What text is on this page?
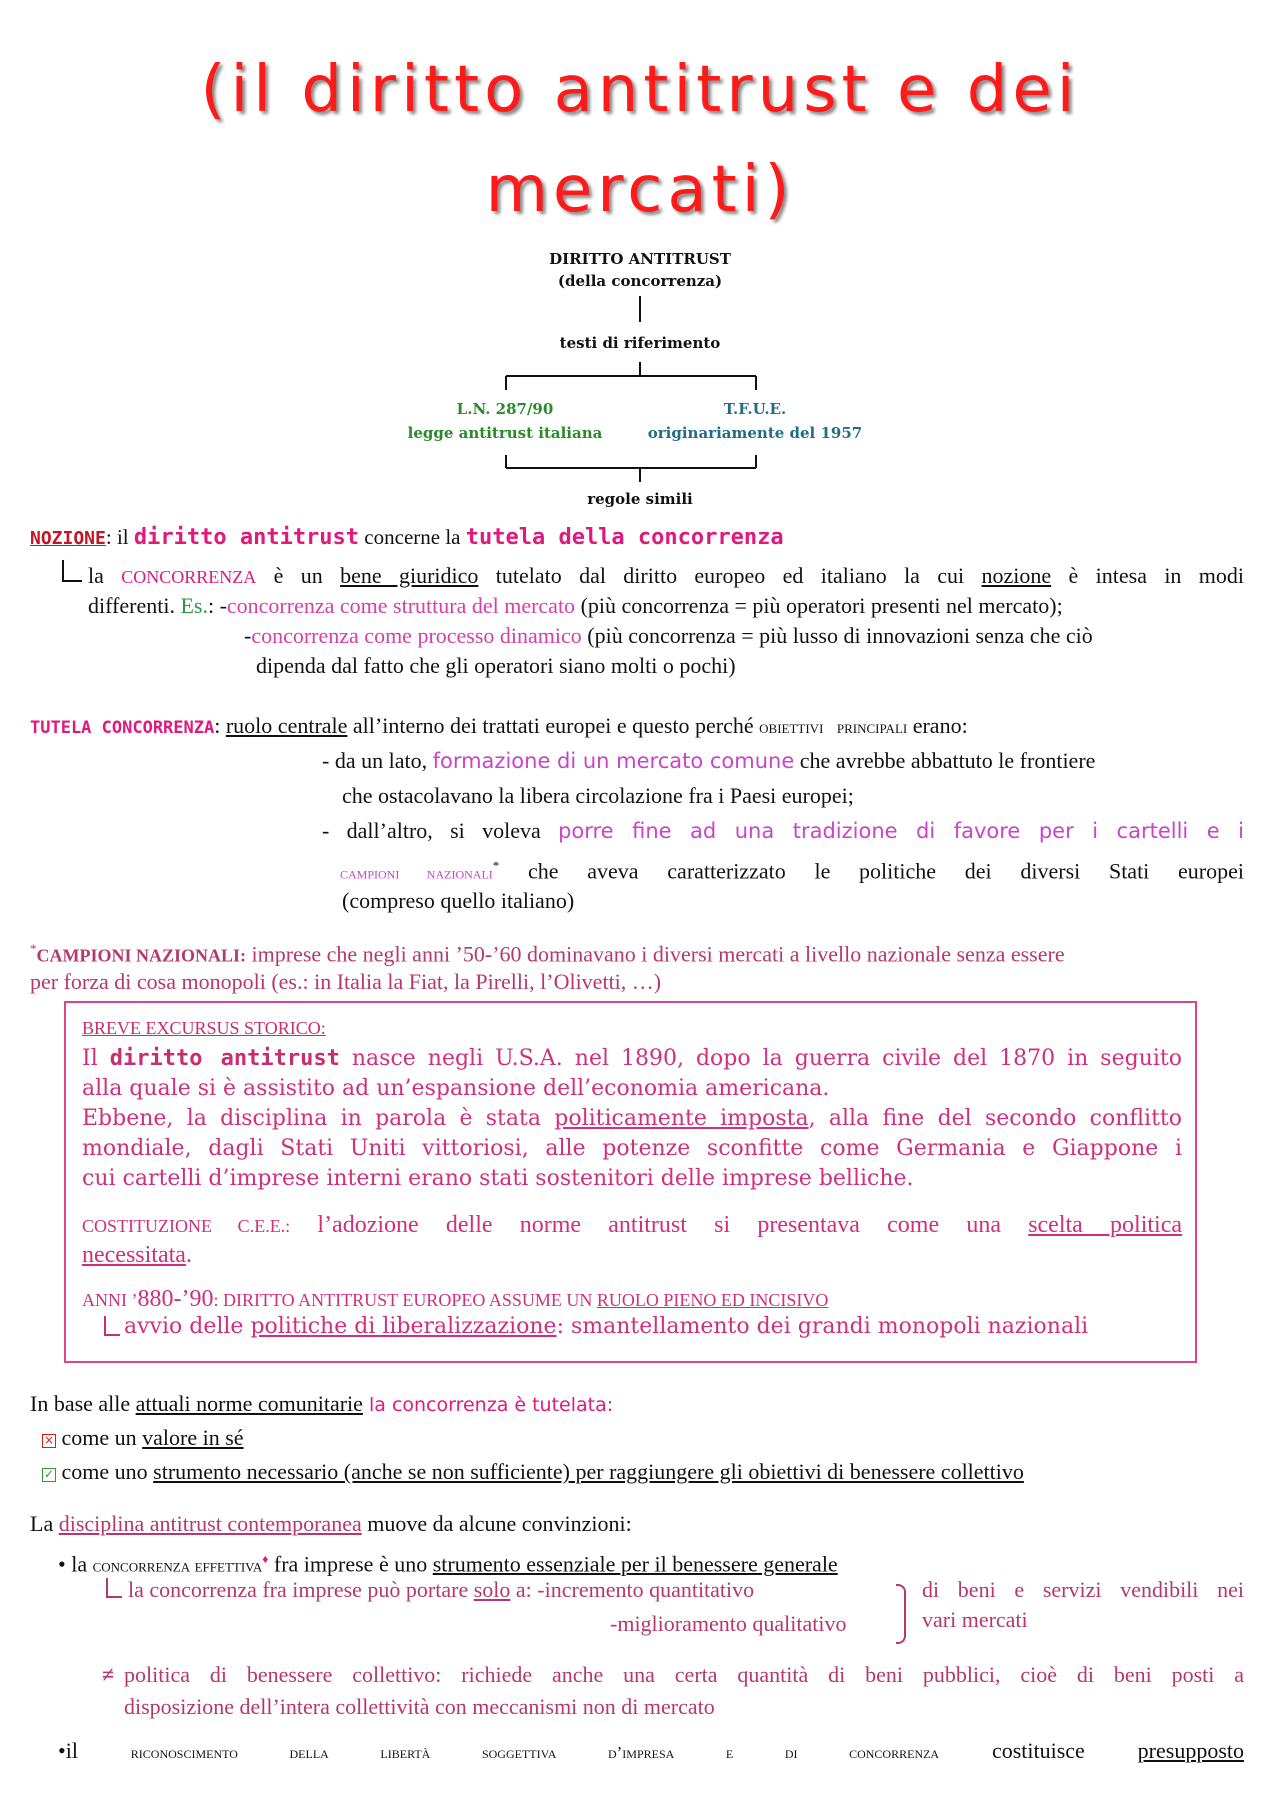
(il diritto antitrust e dei
mercati)
DIRITTO ANTITRUST
(della concorrenza)
testi di riferimento
L.N. 287/90
legge antitrust italiana
T.F.U.E.
originariamente del 1957
regole simili
NOZIONE: il diritto antitrust concerne la tutela della concorrenza
la CONCORRENZA è un bene giuridico tutelato dal diritto europeo ed italiano la cui nozione è intesa in modi
differenti. Es.: -concorrenza come struttura del mercato (più concorrenza = più operatori presenti nel mercato);
-concorrenza come processo dinamico (più concorrenza = più lusso di innovazioni senza che ciò
dipenda dal fatto che gli operatori siano molti o pochi)
TUTELA CONCORRENZA: ruolo centrale all’interno dei trattati europei e questo perché obiettivi   principali erano:
- da un lato, formazione di un mercato comune che avrebbe abbattuto le frontiere
che ostacolavano la libera circolazione fra i Paesi europei;
- dall’altro, si voleva porre fine ad una tradizione di favore per i cartelli e i
campioni nazionali* che aveva caratterizzato le politiche dei diversi Stati europei
(compreso quello italiano)
*CAMPIONI NAZIONALI: imprese che negli anni ’50-’60 dominavano i diversi mercati a livello nazionale senza essere
per forza di cosa monopoli (es.: in Italia la Fiat, la Pirelli, l’Olivetti, …)
BREVE EXCURSUS STORICO:
Il diritto antitrust nasce negli U.S.A. nel 1890, dopo la guerra civile del 1870 in seguito
alla quale si è assistito ad un’espansione dell’economia americana.
Ebbene, la disciplina in parola è stata politicamente imposta, alla fine del secondo conflitto
mondiale, dagli Stati Uniti vittoriosi, alle potenze sconfitte come Germania e Giappone i
cui cartelli d’imprese interni erano stati sostenitori delle imprese belliche.
COSTITUZIONE C.E.E.: l’adozione delle norme antitrust si presentava come una scelta politica
necessitata.
ANNI ’880-’90: DIRITTO ANTITRUST EUROPEO ASSUME UN RUOLO PIENO ED INCISIVO
avvio delle politiche di liberalizzazione: smantellamento dei grandi monopoli nazionali
In base alle attuali norme comunitarie la concorrenza è tutelata:
× come un valore in sé
✓ come uno strumento necessario (anche se non sufficiente) per raggiungere gli obiettivi di benessere collettivo
La disciplina antitrust contemporanea muove da alcune convinzioni:
• la concorrenza effettiva♦ fra imprese è uno strumento essenziale per il benessere generale
la concorrenza fra imprese può portare solo a: -incremento quantitativo
-miglioramento qualitativo
di beni e servizi vendibili nei
vari mercati
≠ politica di benessere collettivo: richiede anche una certa quantità di beni pubblici, cioè di beni posti a
disposizione dell’intera collettività con meccanismi non di mercato
•il riconoscimento della libertà soggettiva d’impresa e di concorrenza costituisce presupposto
